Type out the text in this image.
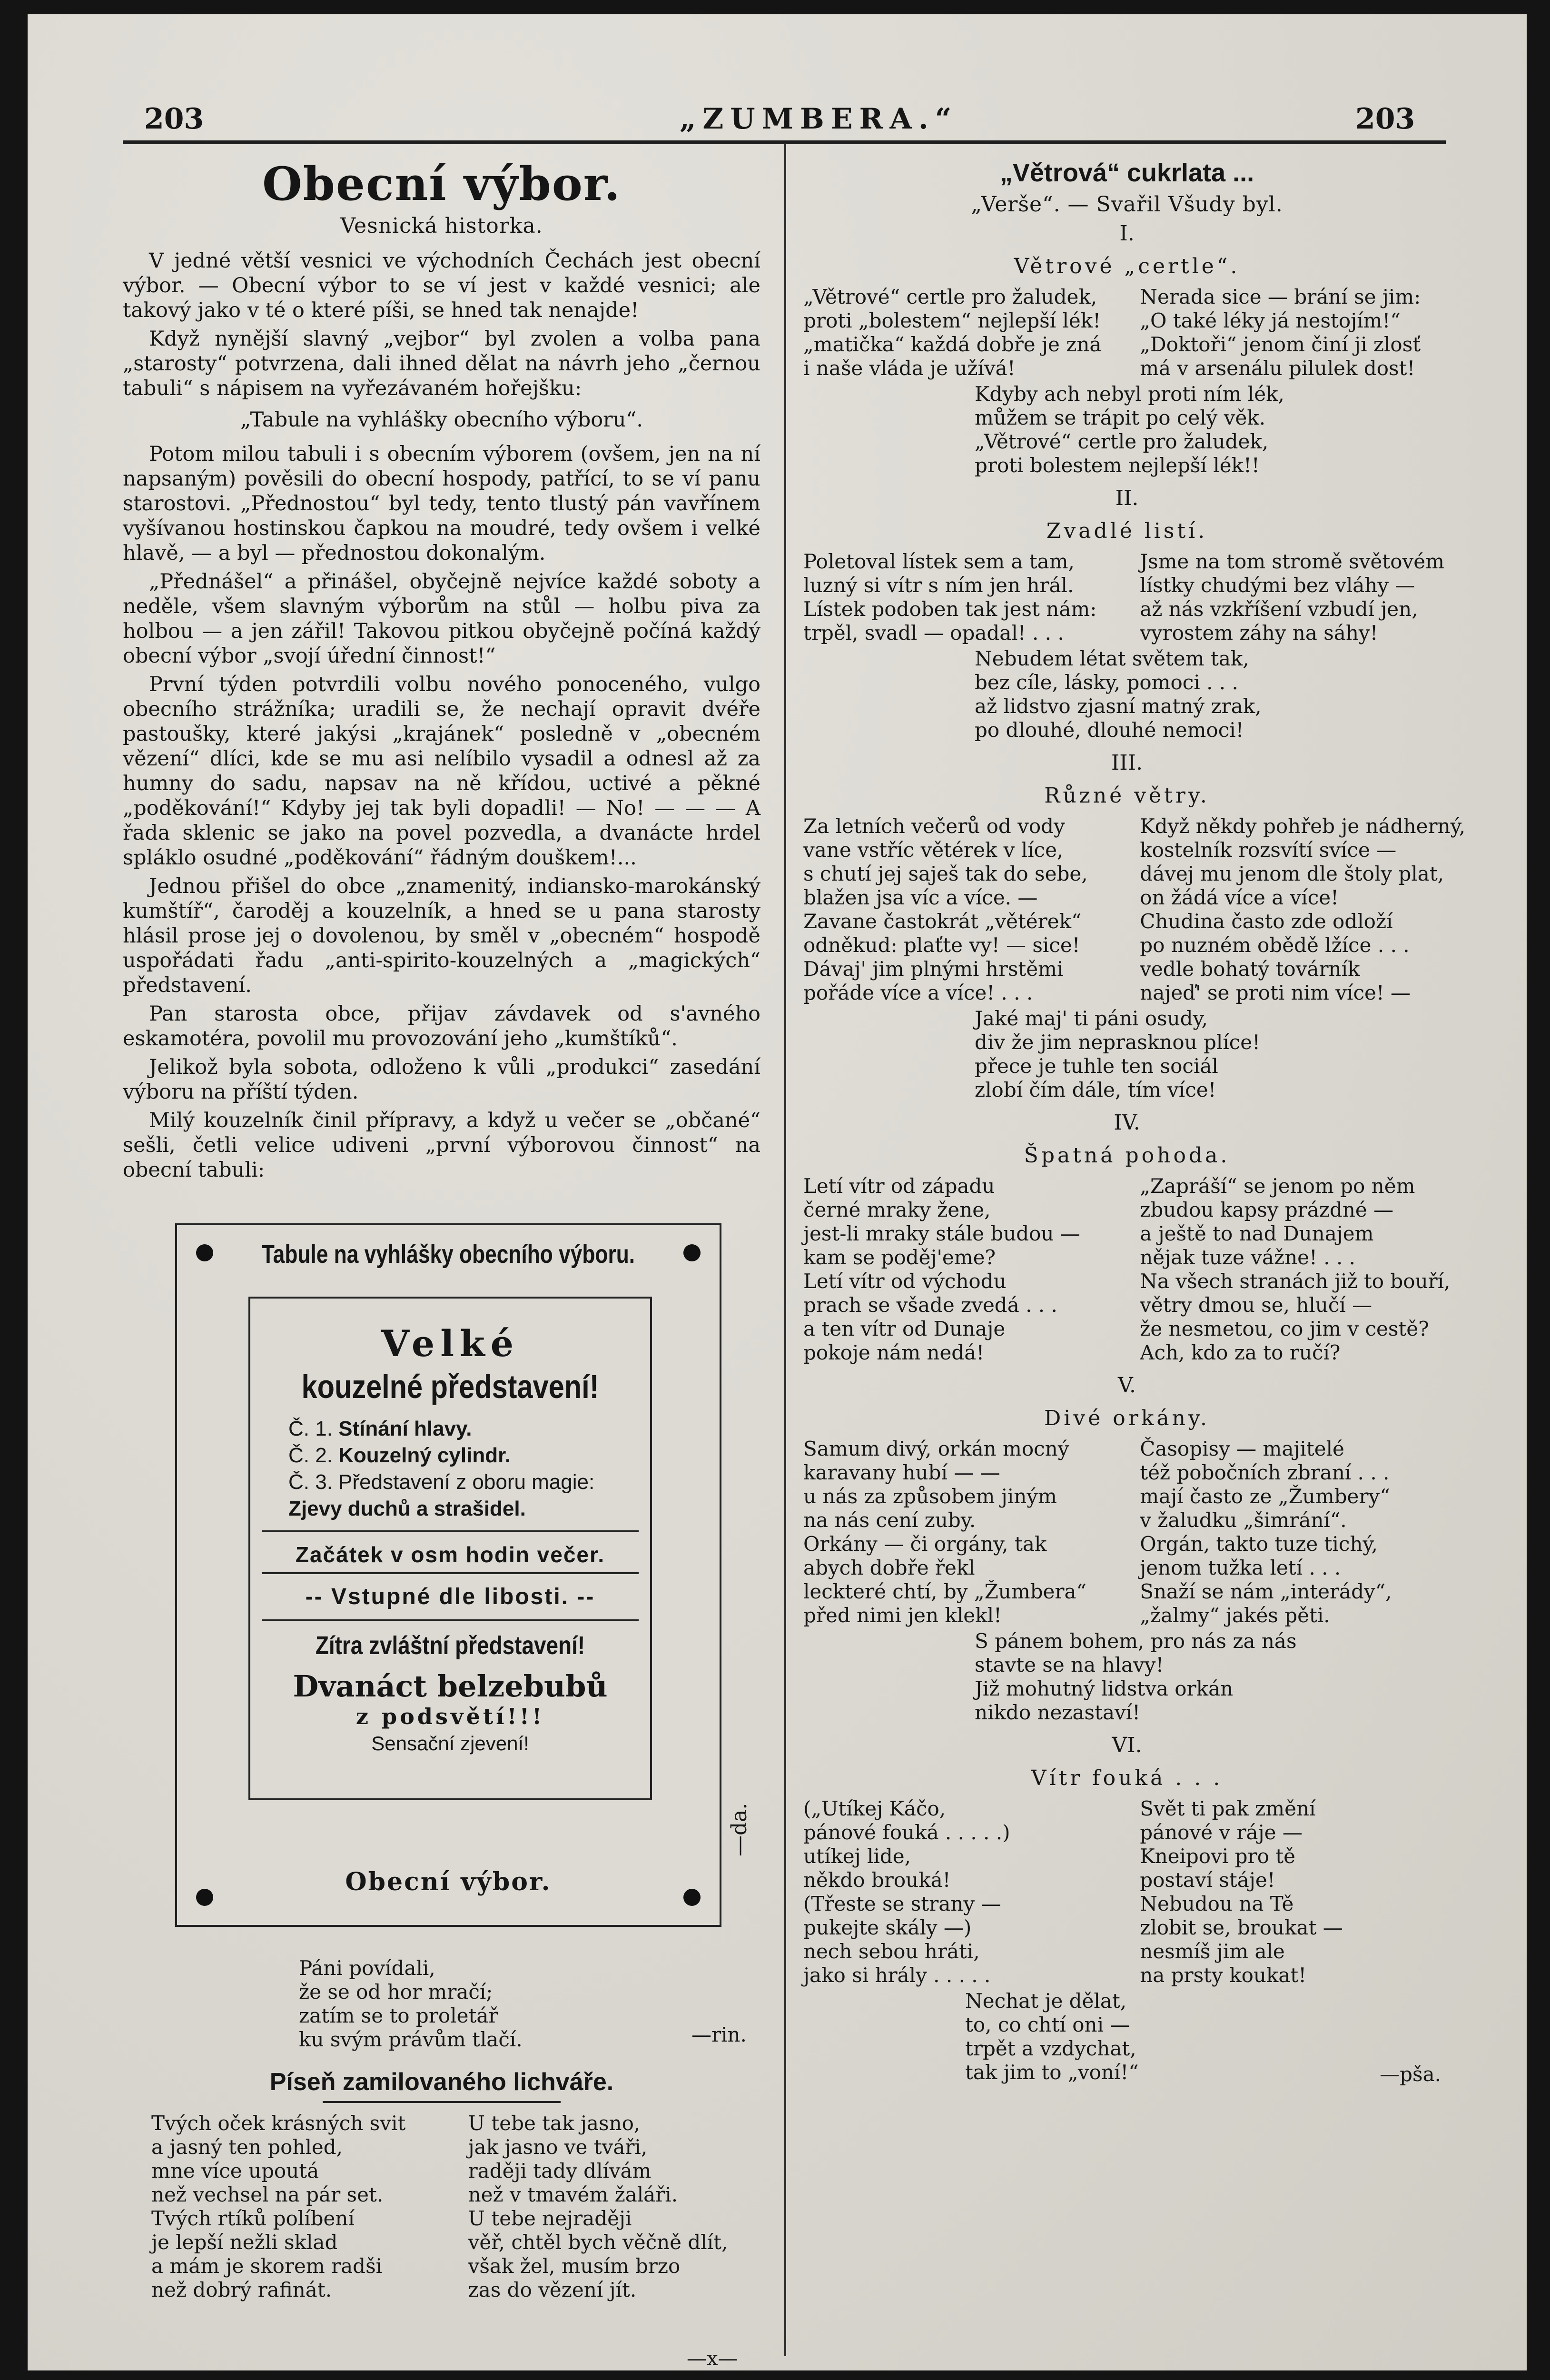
203	„ZUMBERA.“	203
Obecní výbor.
Vesnická historka.

V jedné větší vesnici ve východních Čechách jest obecní výbor. — Obecní výbor to se ví jest v každé vesnici; ale takový jako v té o které píši, se hned tak nenajde!

Když nynější slavný „vejbor“ byl zvolen a volba pana „starosty“ potvrzena, dali ihned dělat na návrh jeho „černou tabuli“ s nápisem na vyřezávaném hořejšku:

„Tabule na vyhlášky obecního výboru“.

Potom milou tabuli i s obecním výborem (ovšem, jen na ní napsaným) pověsili do obecní hospody, patřící, to se ví panu starostovi. „Přednostou“ byl tedy, tento tlustý pán vavřínem vyšívanou hostinskou čapkou na moudré, tedy ovšem i velké hlavě, — a byl — přednostou dokonalým.

„Přednášel“ a přinášel, obyčejně nejvíce každé soboty a neděle, všem slavným výborům na stůl — holbu piva za holbou — a jen zářil! Takovou pitkou obyčejně počíná každý obecní výbor „svojí úřední činnost!“

První týden potvrdili volbu nového ponoceného, vulgo obecního strážníka; uradili se, že nechají opravit dvéře pastoušky, které jakýsi „krajánek“ posledně v „obecném vězení“ dlíci, kde se mu asi nelíbilo vysadil a odnesl až za humny do sadu, napsav na ně křídou, uctivé a pěkné „poděkování!“ Kdyby jej tak byli dopadli! — No! — — — A řada sklenic se jako na povel pozvedla, a dvanácte hrdel spláklo osudné „poděkování“ řádným douškem!...

Jednou přišel do obce „znamenitý, indiansko-marokánský kumštíř“, čaroděj a kouzelník, a hned se u pana starosty hlásil prose jej o dovolenou, by směl v „obecném“ hospodě uspořádati řadu „anti-spirito-kouzelných a „magických“ představení.

Pan starosta obce, přijav závdavek od s'avného eskamotéra, povolil mu provozování jeho „kumštíků“.

Jelikož byla sobota, odloženo k vůli „produkci“ zasedání výboru na příští týden.

Milý kouzelník činil přípravy, a když u večer se „občané“ sešli, četli velice udiveni „první výborovou činnost“ na obecní tabuli:

Tabule na vyhlášky obecního výboru.
Velké
kouzelné představení!
Č. 1. Stínání hlavy.
Č. 2. Kouzelný cylindr.
Č. 3. Představení z oboru magie:
Zjevy duchů a strašidel.
Začátek v osm hodin večer.
-- Vstupné dle libosti. --
Zítra zvláštní představení!
Dvanáct belzebubů
z podsvětí!!!
Sensační zjevení!
Obecní výbor.
—da.

Páni povídali,

že se od hor mračí;

zatím se to proletář

ku svým právům tlačí.	—rin.
Píseň zamilovaného lichváře.

Tvých oček krásných svit

a jasný ten pohled,

mne více upoutá

než vechsel na pár set.

Tvých rtíků políbení

je lepší nežli sklad

a mám je skorem radši

než dobrý rafinát.

U tebe tak jasno,

jak jasno ve tváři,

raději tady dlívám

než v tmavém žaláři.

U tebe nejraději

věř, chtěl bych věčně dlít,

však žel, musím brzo

zas do vězení jít.

—x—
„Větrová“ cukrlata ...
„Verše“. — Svařil Všudy byl.
I.
Větrové „certle“.

„Větrové“ certle pro žaludek,

proti „bolestem“ nejlepší lék!

„matička“ každá dobře je zná

i naše vláda je užívá!

Nerada sice — brání se jim:

„O také léky já nestojím!“

„Doktoři“ jenom činí ji zlosť

má v arsenálu pilulek dost!

Kdyby ach nebyl proti ním lék,

můžem se trápit po celý věk.

„Větrové“ certle pro žaludek,

proti bolestem nejlepší lék!!

II.
Zvadlé listí.

Poletoval lístek sem a tam,

luzný si vítr s ním jen hrál.

Lístek podoben tak jest nám:

trpěl, svadl — opadal! . . .

Jsme na tom stromě světovém

lístky chudými bez vláhy —

až nás vzkříšení vzbudí jen,

vyrostem záhy na sáhy!

Nebudem létat světem tak,

bez cíle, lásky, pomoci . . .

až lidstvo zjasní matný zrak,

po dlouhé, dlouhé nemoci!

III.
Různé větry.

Za letních večerů od vody

vane vstříc větérek v líce,

s chutí jej saješ tak do sebe,

blažen jsa víc a více. —

Zavane častokrát „větérek“

odněkud: plaťte vy! — sice!

Dávaj' jim plnými hrstěmi

pořáde více a více! . . .

Když někdy pohřeb je nádherný,

kostelník rozsvítí svíce —

dávej mu jenom dle štoly plat,

on žádá více a více!

Chudina často zde odloží

po nuzném obědě lžíce . . .

vedle bohatý továrník

najeď' se proti nim více! —

Jaké maj' ti páni osudy,

div že jim neprasknou plíce!

přece je tuhle ten sociál

zlobí čím dále, tím více!

IV.
Špatná pohoda.

Letí vítr od západu

černé mraky žene,

jest-li mraky stále budou —

kam se poděj'eme?

Letí vítr od východu

prach se všade zvedá . . .

a ten vítr od Dunaje

pokoje nám nedá!

„Zapráší“ se jenom po něm

zbudou kapsy prázdné —

a ještě to nad Dunajem

nějak tuze vážne! . . .

Na všech stranách již to bouří,

větry dmou se, hlučí —

že nesmetou, co jim v cestě?

Ach, kdo za to ručí?

V.
Divé orkány.

Samum divý, orkán mocný

karavany hubí — —

u nás za způsobem jiným

na nás cení zuby.

Orkány — či orgány, tak

abych dobře řekl

leckteré chtí, by „Žumbera“

před nimi jen klekl!

Časopisy — majitelé

též pobočních zbraní . . .

mají často ze „Žumbery“

v žaludku „šimrání“.

Orgán, takto tuze tichý,

jenom tužka letí . . .

Snaží se nám „interády“,

„žalmy“ jakés pěti.

S pánem bohem, pro nás za nás

stavte se na hlavy!

Již mohutný lidstva orkán

nikdo nezastaví!

VI.
Vítr fouká . . .

(„Utíkej Káčo,

pánové fouká . . . . .)

utíkej lide,

někdo brouká!

(Třeste se strany —

pukejte skály —)

nech sebou hráti,

jako si hrály . . . . .

Svět ti pak změní

pánové v ráje —

Kneipovi pro tě

postaví stáje!

Nebudou na Tě

zlobit se, broukat —

nesmíš jim ale

na prsty koukat!

Nechat je dělat,

to, co chtí oni —

trpět a vzdychat,

tak jim to „voní!“	—pša.
